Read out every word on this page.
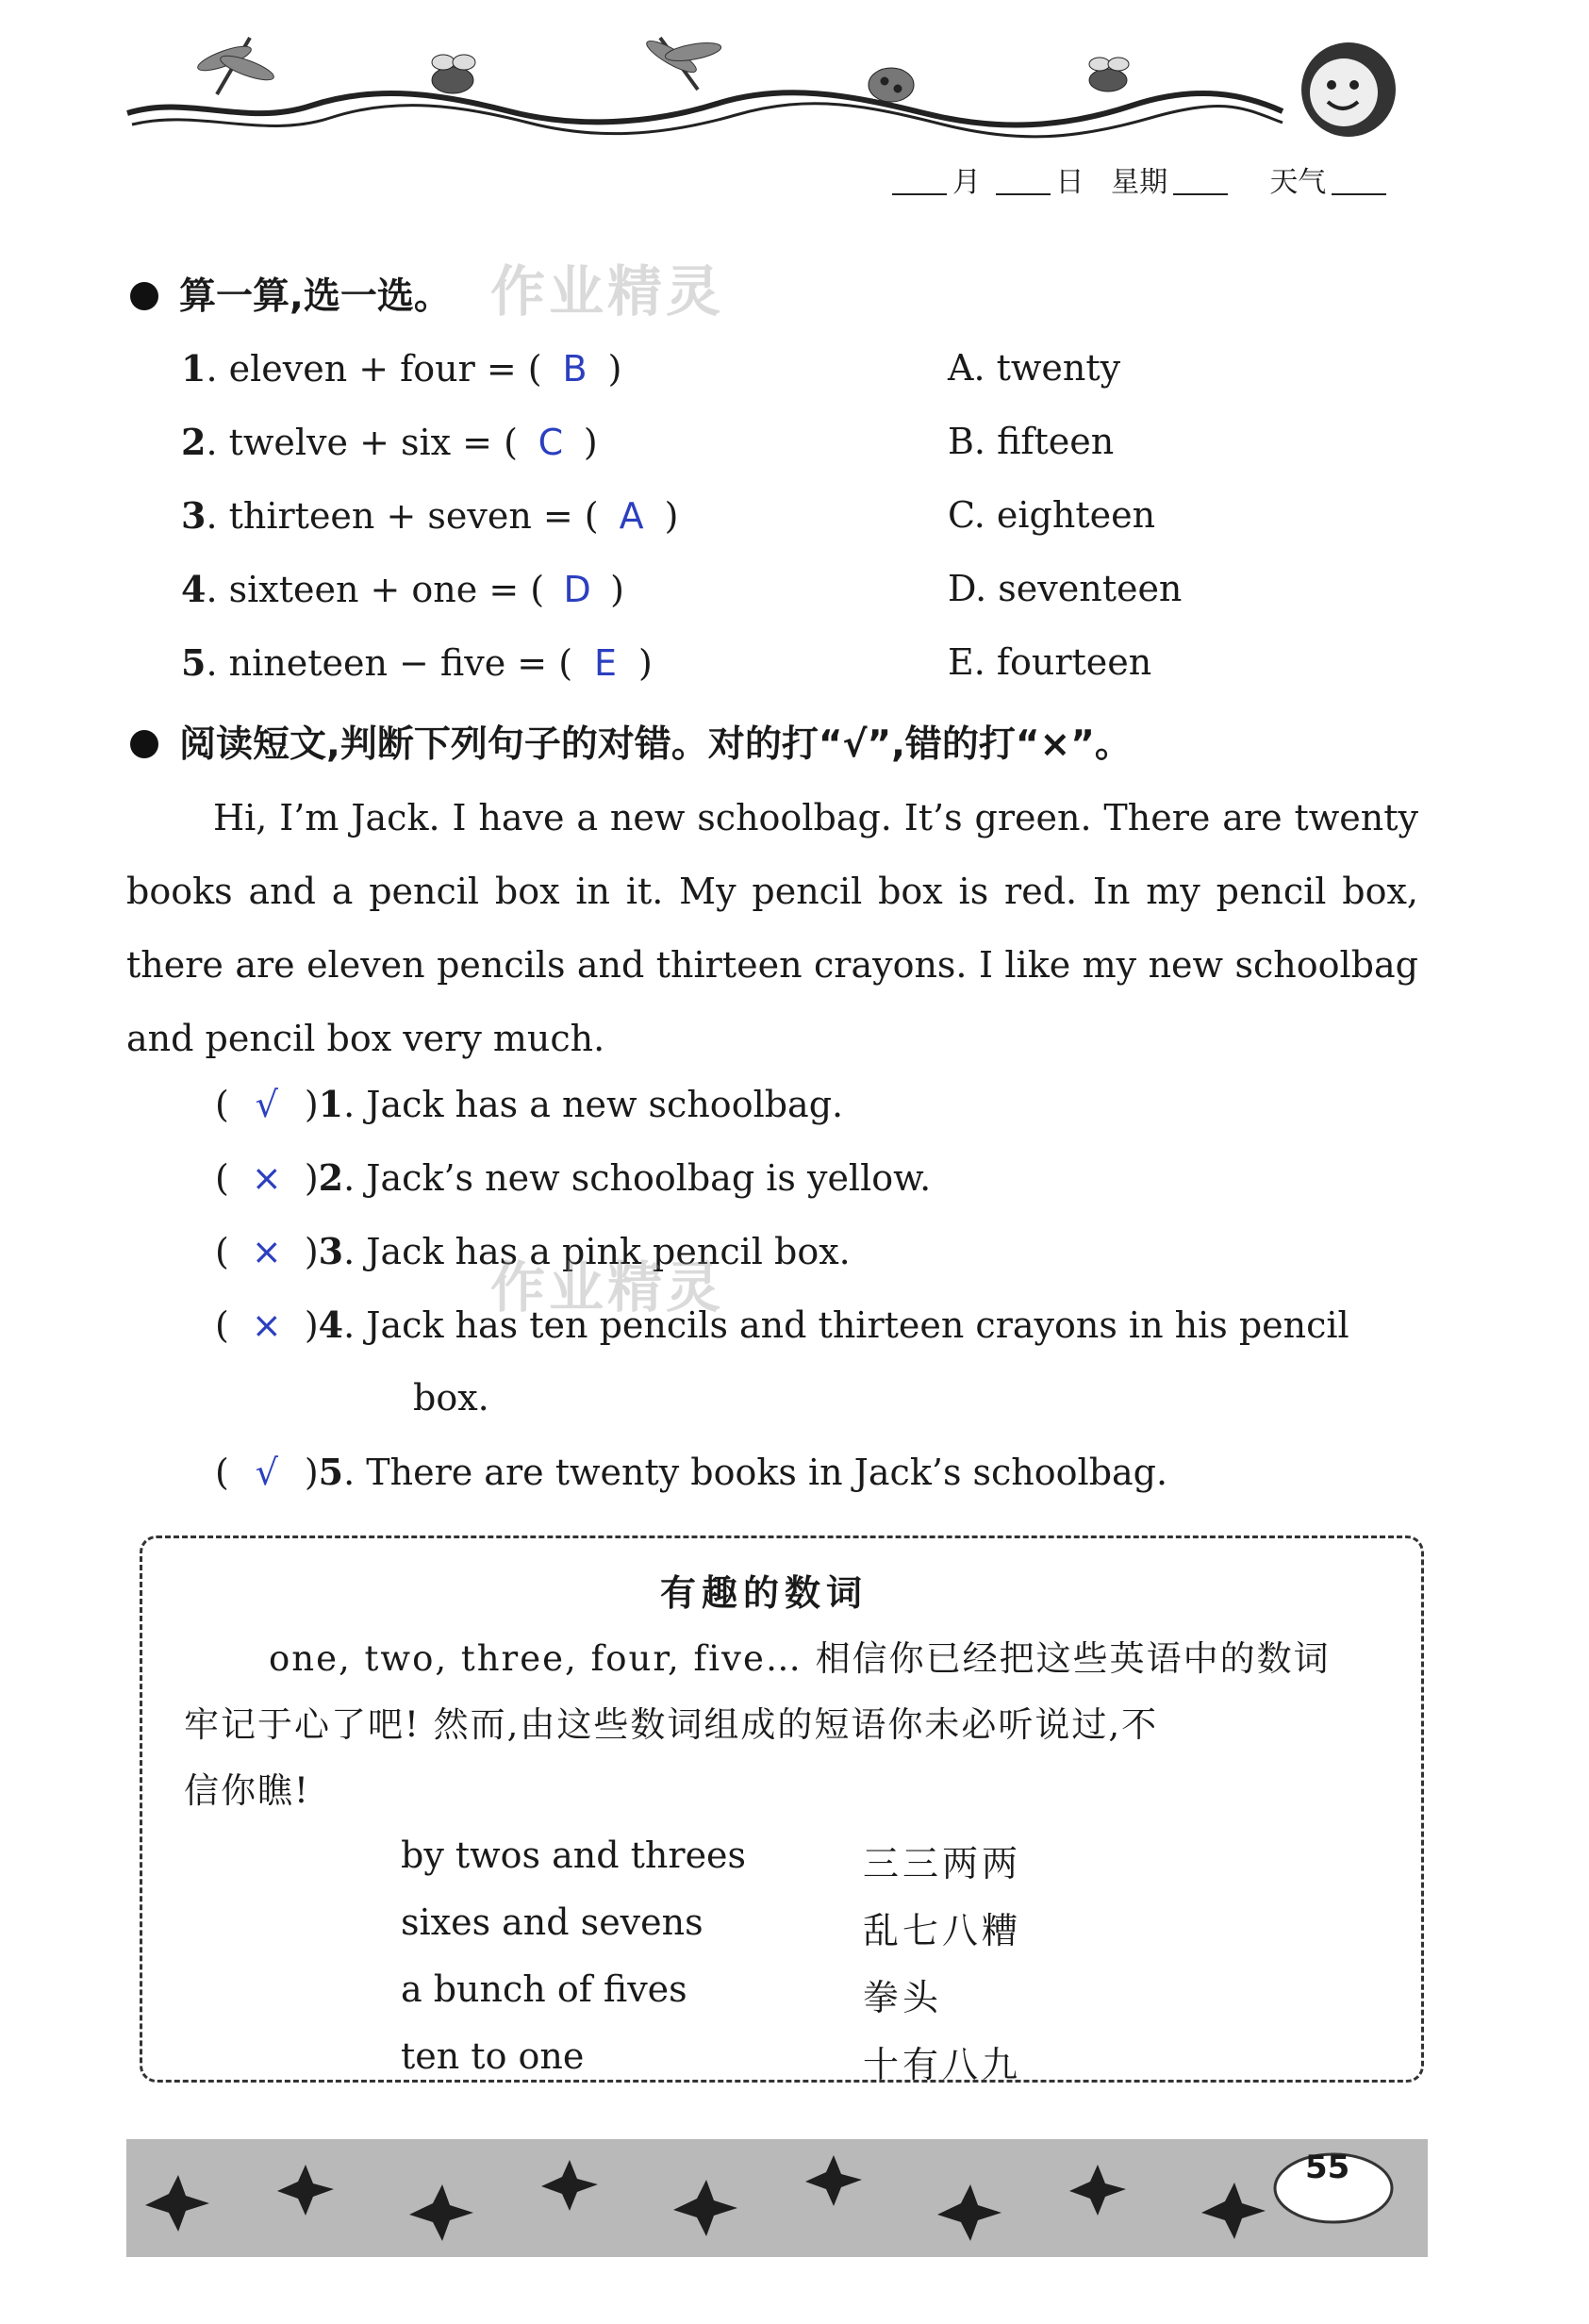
月	日 星期	天气
算一算,选一选。
1. eleven + four = ( B )
2. twelve + six = ( C )
3. thirteen + seven = ( A )
4. sixteen + one = ( D )
5. nineteen − five = ( E )
A. twenty
B. fifteen
C. eighteen
D. seventeen
E. fourteen
阅读短文,判断下列句子的对错。对的打“√”,错的打“×”。

Hi, I’m Jack. I have a new schoolbag. It’s green. There are twenty books and a pencil box in it. My pencil box is red. In my pencil box, there are eleven pencils and thirteen crayons. I like my new schoolbag and pencil box very much.

( √ )1. Jack has a new schoolbag.
( × )2. Jack’s new schoolbag is yellow.
( × )3. Jack has a pink pencil box.
( × )4. Jack has ten pencils and thirteen crayons in his pencil
box.
( √ )5. There are twenty books in Jack’s schoolbag.
有趣的数词
one, two, three, four, five… 相信你已经把这些英语中的数词
牢记于心了吧! 然而,由这些数词组成的短语你未必听说过,不
信你瞧!
by twos and threes	三三两两
sixes and sevens	乱七八糟
a bunch of fives	拳头
ten to one	十有八九
作业精灵
作业精灵
55
